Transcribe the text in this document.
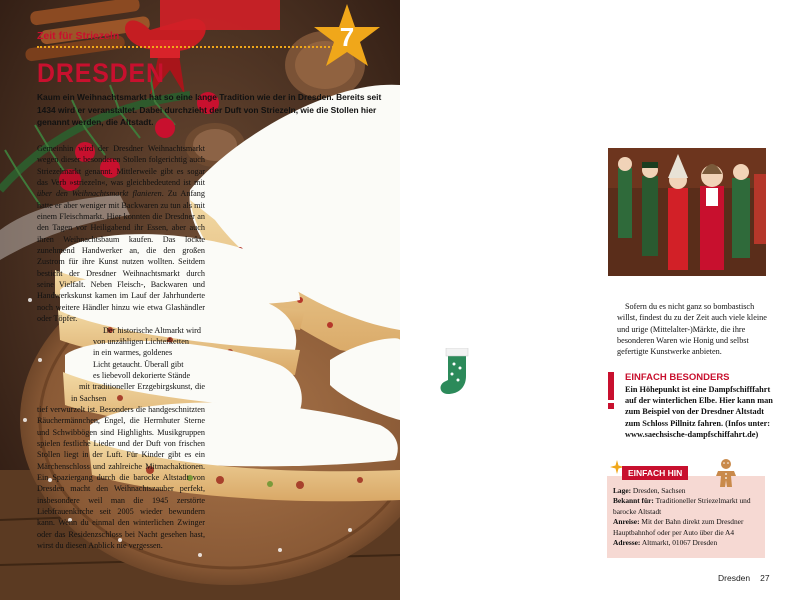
Zeit für Striezeln	7
DRESDEN
Kaum ein Weihnachtsmarkt hat so eine lange Tradition wie der in Dresden. Bereits seit 1434 wird er veranstaltet. Dabei durchzieht der Duft von Striezeln, wie die Stollen hier genannt werden, die Altstadt.

Gemeinhin wird der Dresdner Weihnachtsmarkt wegen dieser besonderen Stollen folgerichtig auch Striezelmarkt genannt. Mittlerweile gibt es sogar das Verb »striezeln«, was gleichbedeutend ist mit über den Weihnachtsmarkt flanieren. Zu Anfang hatte er aber weniger mit Backwaren zu tun als mit einem Fleischmarkt. Hier konnten die Dresdner an den Tagen vor Heiligabend ihr Essen, aber auch ihren Weihnachtsbaum kaufen. Das lockte zunehmend Handwerker an, die den großen Zustrom für ihre Kunst nutzen wollten. Seitdem besticht der Dresdner Weihnachtsmarkt durch seine Vielfalt. Neben Fleisch-, Backwaren und Handwerkskunst kamen im Lauf der Jahrhunderte noch weitere Händler hinzu wie etwa Glashändler oder Töpfer.

Der historische Altmarkt wird
von unzähligen Lichterketten
in ein warmes, goldenes
Licht getaucht. Überall gibt
es liebevoll dekorierte Stände
mit traditioneller Erzgebirgskunst, die in Sachsen
tief verwurzelt ist. Besonders die handgeschnitzten Räuchermännchen, Engel, die Herrnhuter Sterne und Schwibbögen sind Highlights. Musikgruppen spielen festliche Lieder und der Duft von frischen Stollen liegt in der Luft. Für Kinder gibt es ein Märchenschloss und zahlreiche Mitmachaktionen. Ein Spaziergang durch die barocke Altstadt von Dresden macht den Weihnachtszauber perfekt, insbesondere weil man die 1945 zerstörte Liebfrauenkirche seit 2005 wieder bewundern kann. Wenn du einmal den winterlichen Zwinger oder das Residenzschloss bei Nacht gesehen hast, wirst du diesen Anblick nie vergessen.

Sofern du es nicht ganz so bombastisch willst, findest du zu der Zeit auch viele kleine und urige (Mittelalter-)Märkte, die ihre besonderen Waren wie Honig und selbst gefertigte Kunstwerke anbieten.
EINFACH BESONDERS
Ein Höhepunkt ist eine Dampfschifffahrt auf der winterlichen Elbe. Hier kann man zum Beispiel von der Dresdner Altstadt zum Schloss Pillnitz fahren. (Infos unter: www.saechsische-dampfschiffahrt.de)
EINFACH HIN
Lage: Dresden, Sachsen
Bekannt für: Traditioneller Striezelmarkt und barocke Altstadt
Anreise: Mit der Bahn direkt zum Dresdner Hauptbahnhof oder per Auto über die A4
Adresse: Altmarkt, 01067 Dresden
Dresden 27
